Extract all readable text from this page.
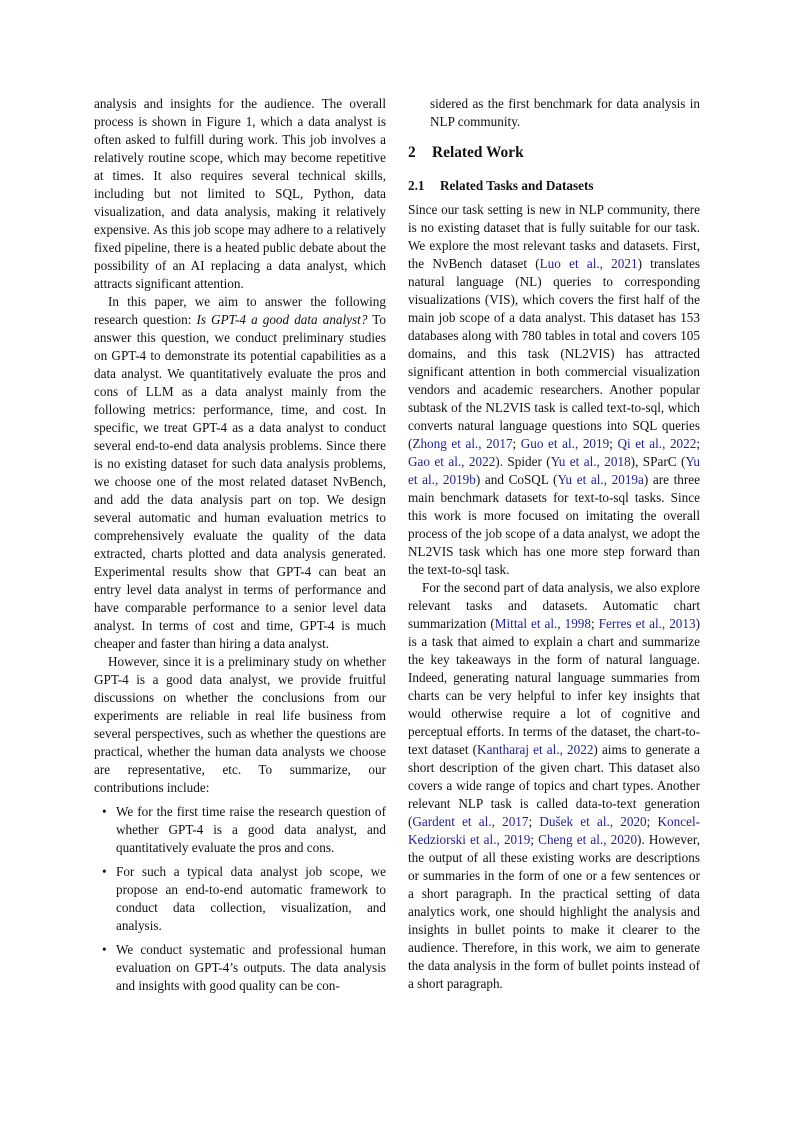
analysis and insights for the audience. The overall process is shown in Figure 1, which a data analyst is often asked to fulfill during work. This job involves a relatively routine scope, which may become repetitive at times. It also requires several technical skills, including but not limited to SQL, Python, data visualization, and data analysis, making it relatively expensive. As this job scope may adhere to a relatively fixed pipeline, there is a heated public debate about the possibility of an AI replacing a data analyst, which attracts significant attention.

In this paper, we aim to answer the following research question: Is GPT-4 a good data analyst? To answer this question, we conduct preliminary studies on GPT-4 to demonstrate its potential capabilities as a data analyst. We quantitatively evaluate the pros and cons of LLM as a data analyst mainly from the following metrics: performance, time, and cost. In specific, we treat GPT-4 as a data analyst to conduct several end-to-end data analysis problems. Since there is no existing dataset for such data analysis problems, we choose one of the most related dataset NvBench, and add the data analysis part on top. We design several automatic and human evaluation metrics to comprehensively evaluate the quality of the data extracted, charts plotted and data analysis generated. Experimental results show that GPT-4 can beat an entry level data analyst in terms of performance and have comparable performance to a senior level data analyst. In terms of cost and time, GPT-4 is much cheaper and faster than hiring a data analyst.

However, since it is a preliminary study on whether GPT-4 is a good data analyst, we provide fruitful discussions on whether the conclusions from our experiments are reliable in real life business from several perspectives, such as whether the questions are practical, whether the human data analysts we choose are representative, etc. To summarize, our contributions include:

• We for the first time raise the research question of whether GPT-4 is a good data analyst, and quantitatively evaluate the pros and cons.
• For such a typical data analyst job scope, we propose an end-to-end automatic framework to conduct data collection, visualization, and analysis.
• We conduct systematic and professional human evaluation on GPT-4’s outputs. The data analysis and insights with good quality can be con-

sidered as the first benchmark for data analysis in NLP community.

2 Related Work
2.1 Related Tasks and Datasets

Since our task setting is new in NLP community, there is no existing dataset that is fully suitable for our task. We explore the most relevant tasks and datasets. First, the NvBench dataset (Luo et al., 2021) translates natural language (NL) queries to corresponding visualizations (VIS), which covers the first half of the main job scope of a data analyst. This dataset has 153 databases along with 780 tables in total and covers 105 domains, and this task (NL2VIS) has attracted significant attention in both commercial visualization vendors and academic researchers. Another popular subtask of the NL2VIS task is called text-to-sql, which converts natural language questions into SQL queries (Zhong et al., 2017; Guo et al., 2019; Qi et al., 2022; Gao et al., 2022). Spider (Yu et al., 2018), SParC (Yu et al., 2019b) and CoSQL (Yu et al., 2019a) are three main benchmark datasets for text-to-sql tasks. Since this work is more focused on imitating the overall process of the job scope of a data analyst, we adopt the NL2VIS task which has one more step forward than the text-to-sql task.

For the second part of data analysis, we also explore relevant tasks and datasets. Automatic chart summarization (Mittal et al., 1998; Ferres et al., 2013) is a task that aimed to explain a chart and summarize the key takeaways in the form of natural language. Indeed, generating natural language summaries from charts can be very helpful to infer key insights that would otherwise require a lot of cognitive and perceptual efforts. In terms of the dataset, the chart-to-text dataset (Kantharaj et al., 2022) aims to generate a short description of the given chart. This dataset also covers a wide range of topics and chart types. Another relevant NLP task is called data-to-text generation (Gardent et al., 2017; Dušek et al., 2020; Koncel-Kedziorski et al., 2019; Cheng et al., 2020). However, the output of all these existing works are descriptions or summaries in the form of one or a few sentences or a short paragraph. In the practical setting of data analytics work, one should highlight the analysis and insights in bullet points to make it clearer to the audience. Therefore, in this work, we aim to generate the data analysis in the form of bullet points instead of a short paragraph.
